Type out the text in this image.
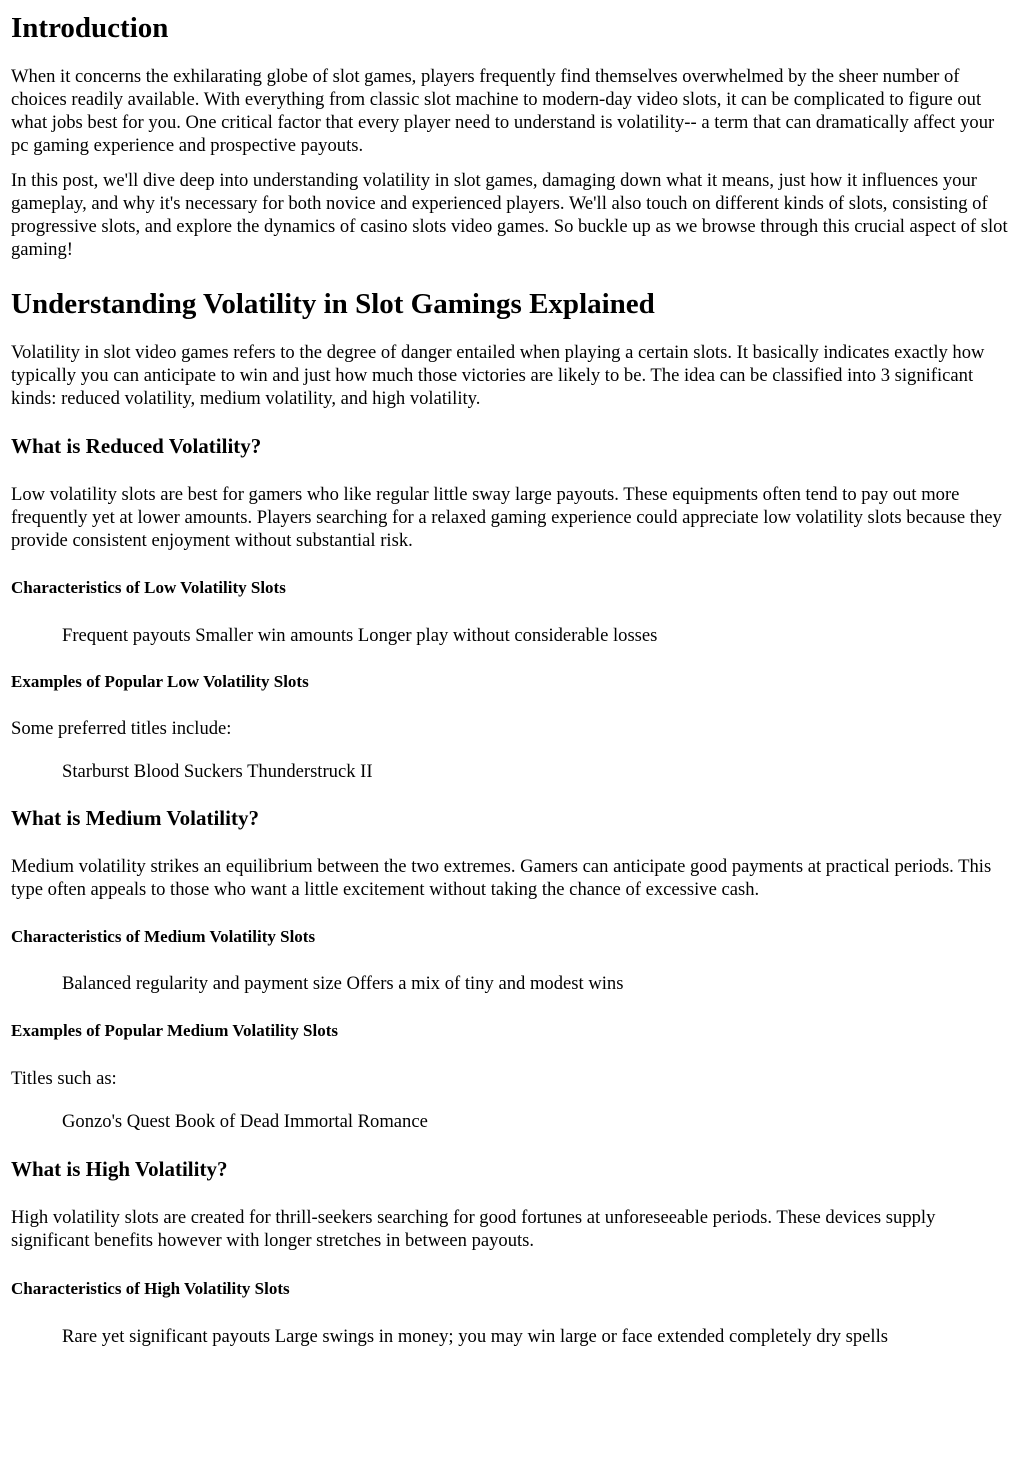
Introduction

When it concerns the exhilarating globe of slot games, players frequently find themselves overwhelmed by the sheer number of choices readily available. With everything from classic slot machine to modern-day video slots, it can be complicated to figure out what jobs best for you. One critical factor that every player need to understand is volatility-- a term that can dramatically affect your pc gaming experience and prospective payouts.

In this post, we'll dive deep into understanding volatility in slot games, damaging down what it means, just how it influences your gameplay, and why it's necessary for both novice and experienced players. We'll also touch on different kinds of slots, consisting of progressive slots, and explore the dynamics of casino slots video games. So buckle up as we browse through this crucial aspect of slot gaming!

Understanding Volatility in Slot Gamings Explained

Volatility in slot video games refers to the degree of danger entailed when playing a certain slots. It basically indicates exactly how typically you can anticipate to win and just how much those victories are likely to be. The idea can be classified into 3 significant kinds: reduced volatility, medium volatility, and high volatility.

What is Reduced Volatility?

Low volatility slots are best for gamers who like regular little sway large payouts. These equipments often tend to pay out more frequently yet at lower amounts. Players searching for a relaxed gaming experience could appreciate low volatility slots because they provide consistent enjoyment without substantial risk.

Characteristics of Low Volatility Slots
Frequent payouts Smaller win amounts Longer play without considerable losses
Examples of Popular Low Volatility Slots

Some preferred titles include:

Starburst Blood Suckers Thunderstruck II
What is Medium Volatility?

Medium volatility strikes an equilibrium between the two extremes. Gamers can anticipate good payments at practical periods. This type often appeals to those who want a little excitement without taking the chance of excessive cash.

Characteristics of Medium Volatility Slots
Balanced regularity and payment size Offers a mix of tiny and modest wins
Examples of Popular Medium Volatility Slots

Titles such as:

Gonzo's Quest Book of Dead Immortal Romance
What is High Volatility?

High volatility slots are created for thrill-seekers searching for good fortunes at unforeseeable periods. These devices supply significant benefits however with longer stretches in between payouts.

Characteristics of High Volatility Slots
Rare yet significant payouts Large swings in money; you may win large or face extended completely dry spells
